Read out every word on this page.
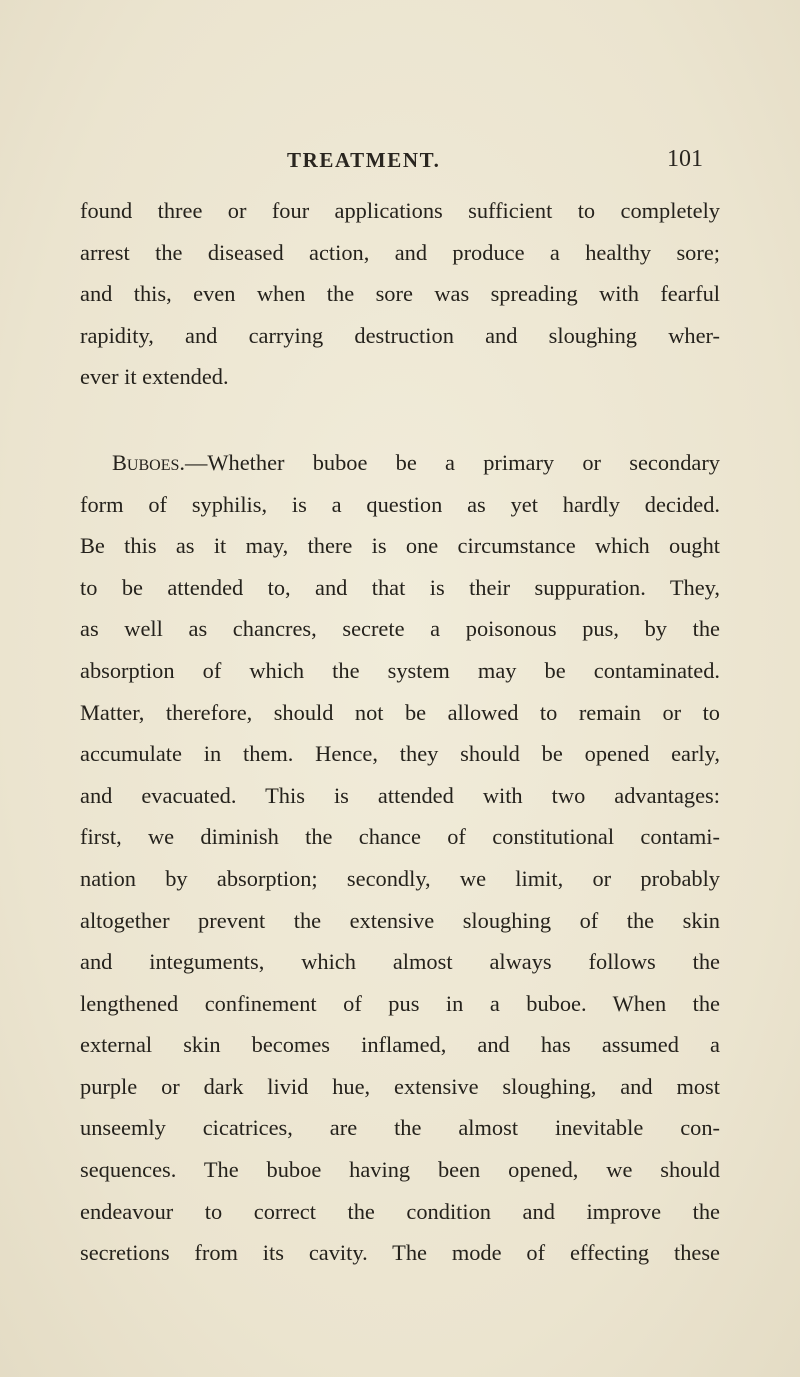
TREATMENT.	101
found three or four applications sufficient to completely
arrest the diseased action, and produce a healthy sore;
and this, even when the sore was spreading with fearful
rapidity, and carrying destruction and sloughing wher-
ever it extended.
Buboes.—Whether buboe be a primary or secondary
form of syphilis, is a question as yet hardly decided.
Be this as it may, there is one circumstance which ought
to be attended to, and that is their suppuration. They,
as well as chancres, secrete a poisonous pus, by the
absorption of which the system may be contaminated.
Matter, therefore, should not be allowed to remain or to
accumulate in them. Hence, they should be opened early,
and evacuated. This is attended with two advantages:
first, we diminish the chance of constitutional contami-
nation by absorption; secondly, we limit, or probably
altogether prevent the extensive sloughing of the skin
and integuments, which almost always follows the
lengthened confinement of pus in a buboe. When the
external skin becomes inflamed, and has assumed a
purple or dark livid hue, extensive sloughing, and most
unseemly cicatrices, are the almost inevitable con-
sequences. The buboe having been opened, we should
endeavour to correct the condition and improve the
secretions from its cavity. The mode of effecting these
